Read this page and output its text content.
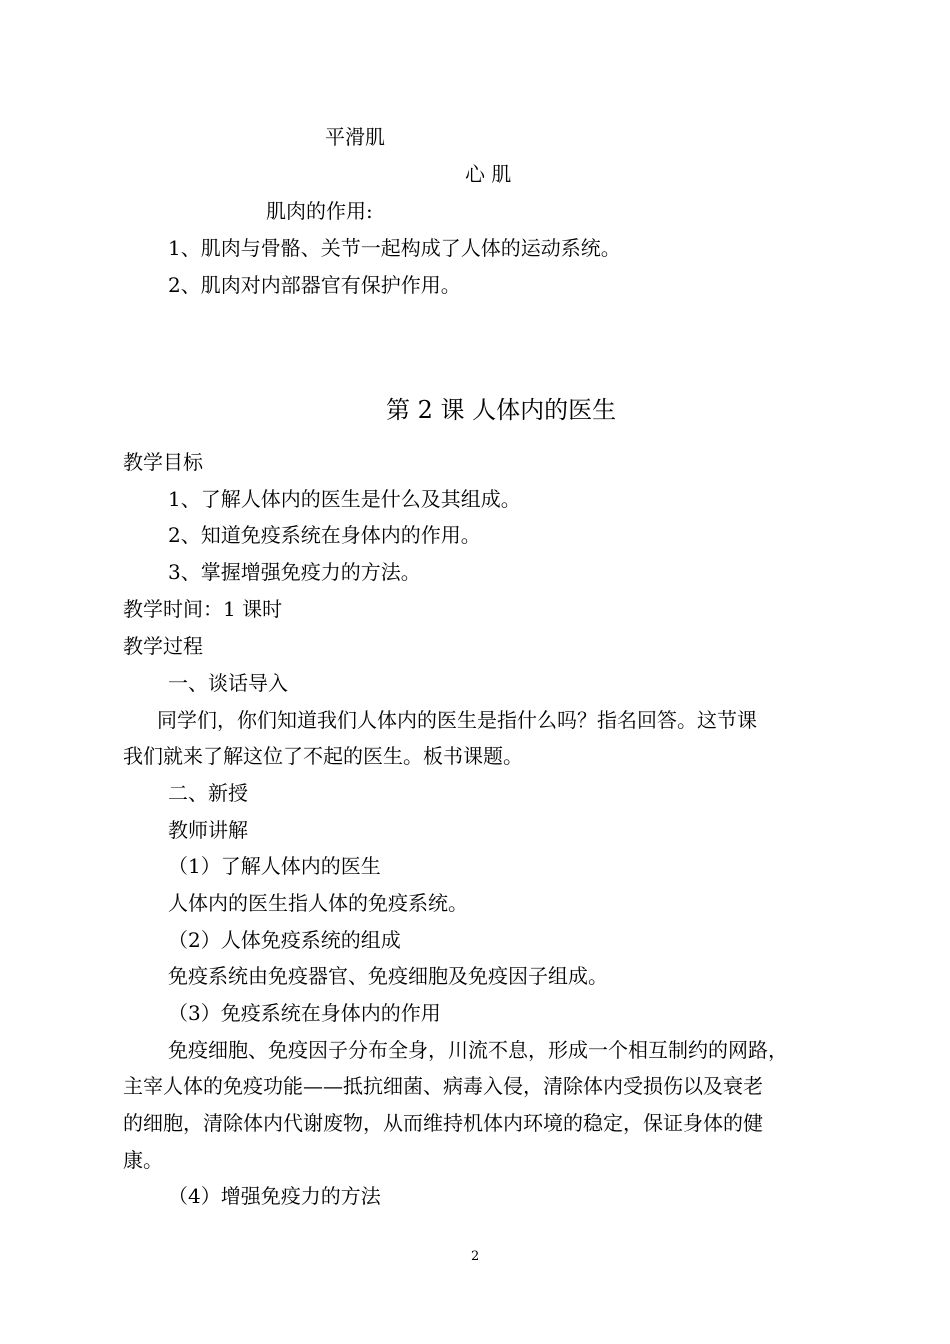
平滑肌
心 肌
肌肉的作用:
1、肌肉与骨骼、关节一起构成了人体的运动系统。
2、肌肉对内部器官有保护作用。
第 2 课 人体内的医生
教学目标
1、了解人体内的医生是什么及其组成。
2、知道免疫系统在身体内的作用。
3、掌握增强免疫力的方法。
教学时间：1 课时
教学过程
一、谈话导入
同学们，你们知道我们人体内的医生是指什么吗？指名回答。这节课
我们就来了解这位了不起的医生。板书课题。
二、新授
教师讲解
（1）了解人体内的医生
人体内的医生指人体的免疫系统。
（2）人体免疫系统的组成
免疫系统由免疫器官、免疫细胞及免疫因子组成。
（3）免疫系统在身体内的作用
免疫细胞、免疫因子分布全身，川流不息，形成一个相互制约的网路，
主宰人体的免疫功能——抵抗细菌、病毒入侵，清除体内受损伤以及衰老
的细胞，清除体内代谢废物，从而维持机体内环境的稳定，保证身体的健
康。
（4）增强免疫力的方法
2
